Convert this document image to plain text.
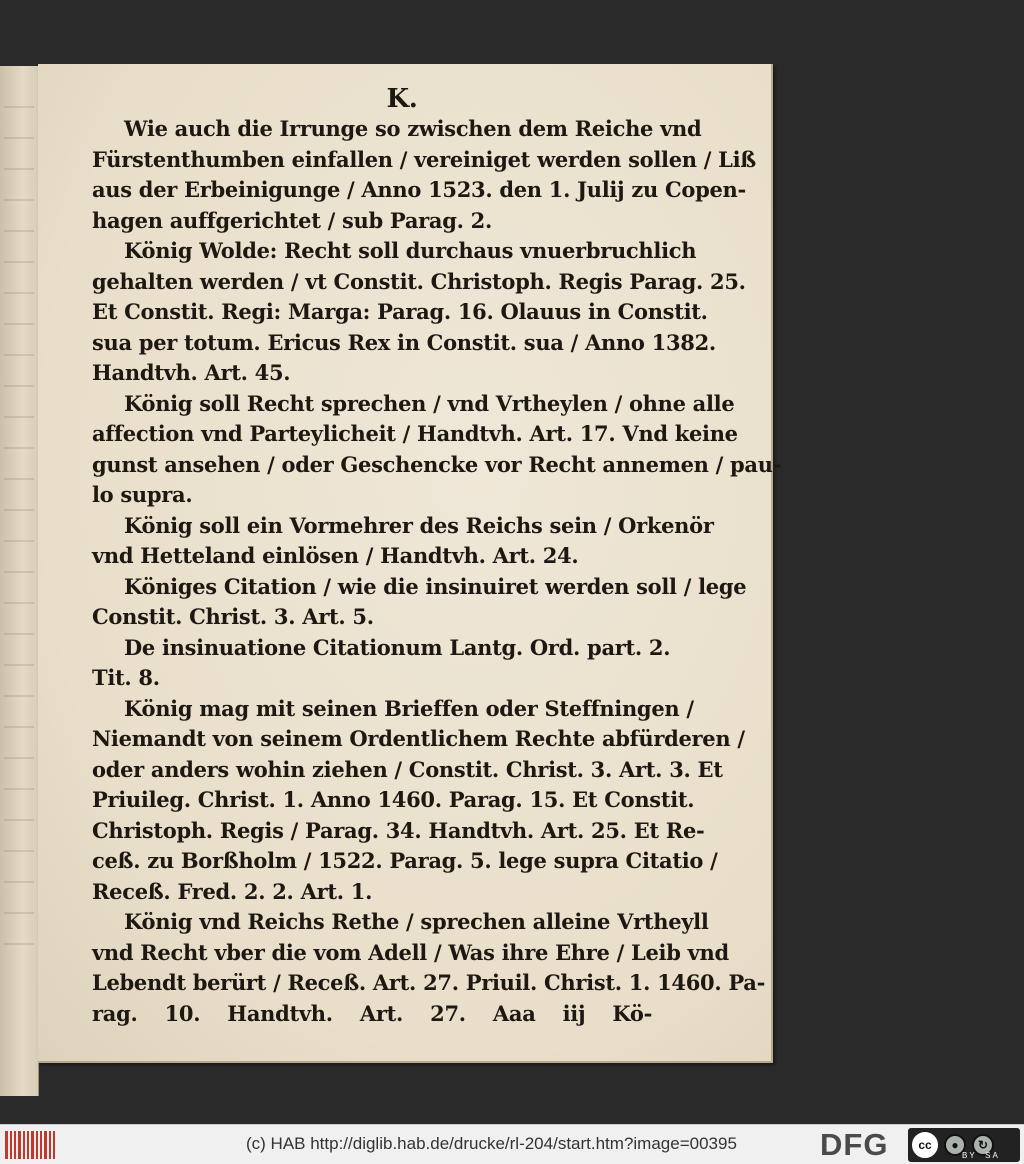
K.
Wie auch die Irrunge so zwischen dem Reiche vnd
Fürstenthumben einfallen / vereiniget werden sollen / Liß
aus der Erbeinigunge / Anno 1523. den 1. Julij zu Copen-
hagen auffgerichtet / sub Parag. 2.
König Wolde: Recht soll durchaus vnuerbruchlich
gehalten werden / vt Constit. Christoph. Regis Parag. 25.
Et Constit. Regi: Marga: Parag. 16. Olauus in Constit.
sua per totum. Ericus Rex in Constit. sua / Anno 1382.
Handtvh. Art. 45.
König soll Recht sprechen / vnd Vrtheylen / ohne alle
affection vnd Parteylicheit / Handtvh. Art. 17. Vnd keine
gunst ansehen / oder Geschencke vor Recht annemen / pau-
lo supra.
König soll ein Vormehrer des Reichs sein / Orkenör
vnd Hetteland einlösen / Handtvh. Art. 24.
Königes Citation / wie die insinuiret werden soll / lege
Constit. Christ. 3. Art. 5.
De insinuatione Citationum Lantg. Ord. part. 2.
Tit. 8.
König mag mit seinen Brieffen oder Steffningen /
Niemandt von seinem Ordentlichem Rechte abfürderen /
oder anders wohin ziehen / Constit. Christ. 3. Art. 3. Et
Priuileg. Christ. 1. Anno 1460. Parag. 15. Et Constit.
Christoph. Regis / Parag. 34. Handtvh. Art. 25. Et Re-
ceß. zu Borßholm / 1522. Parag. 5. lege supra Citatio /
Receß. Fred. 2. 2. Art. 1.
König vnd Reichs Rethe / sprechen alleine Vrtheyll
vnd Recht vber die vom Adell / Was ihre Ehre / Leib vnd
Lebendt berürt / Receß. Art. 27. Priuil. Christ. 1. 1460. Pa-
rag. 10. Handtvh. Art. 27. Aaa iij Kö-
(c) HAB http://diglib.hab.de/drucke/rl-204/start.htm?image=00395	DFG	cc	●	↻
BY SA
